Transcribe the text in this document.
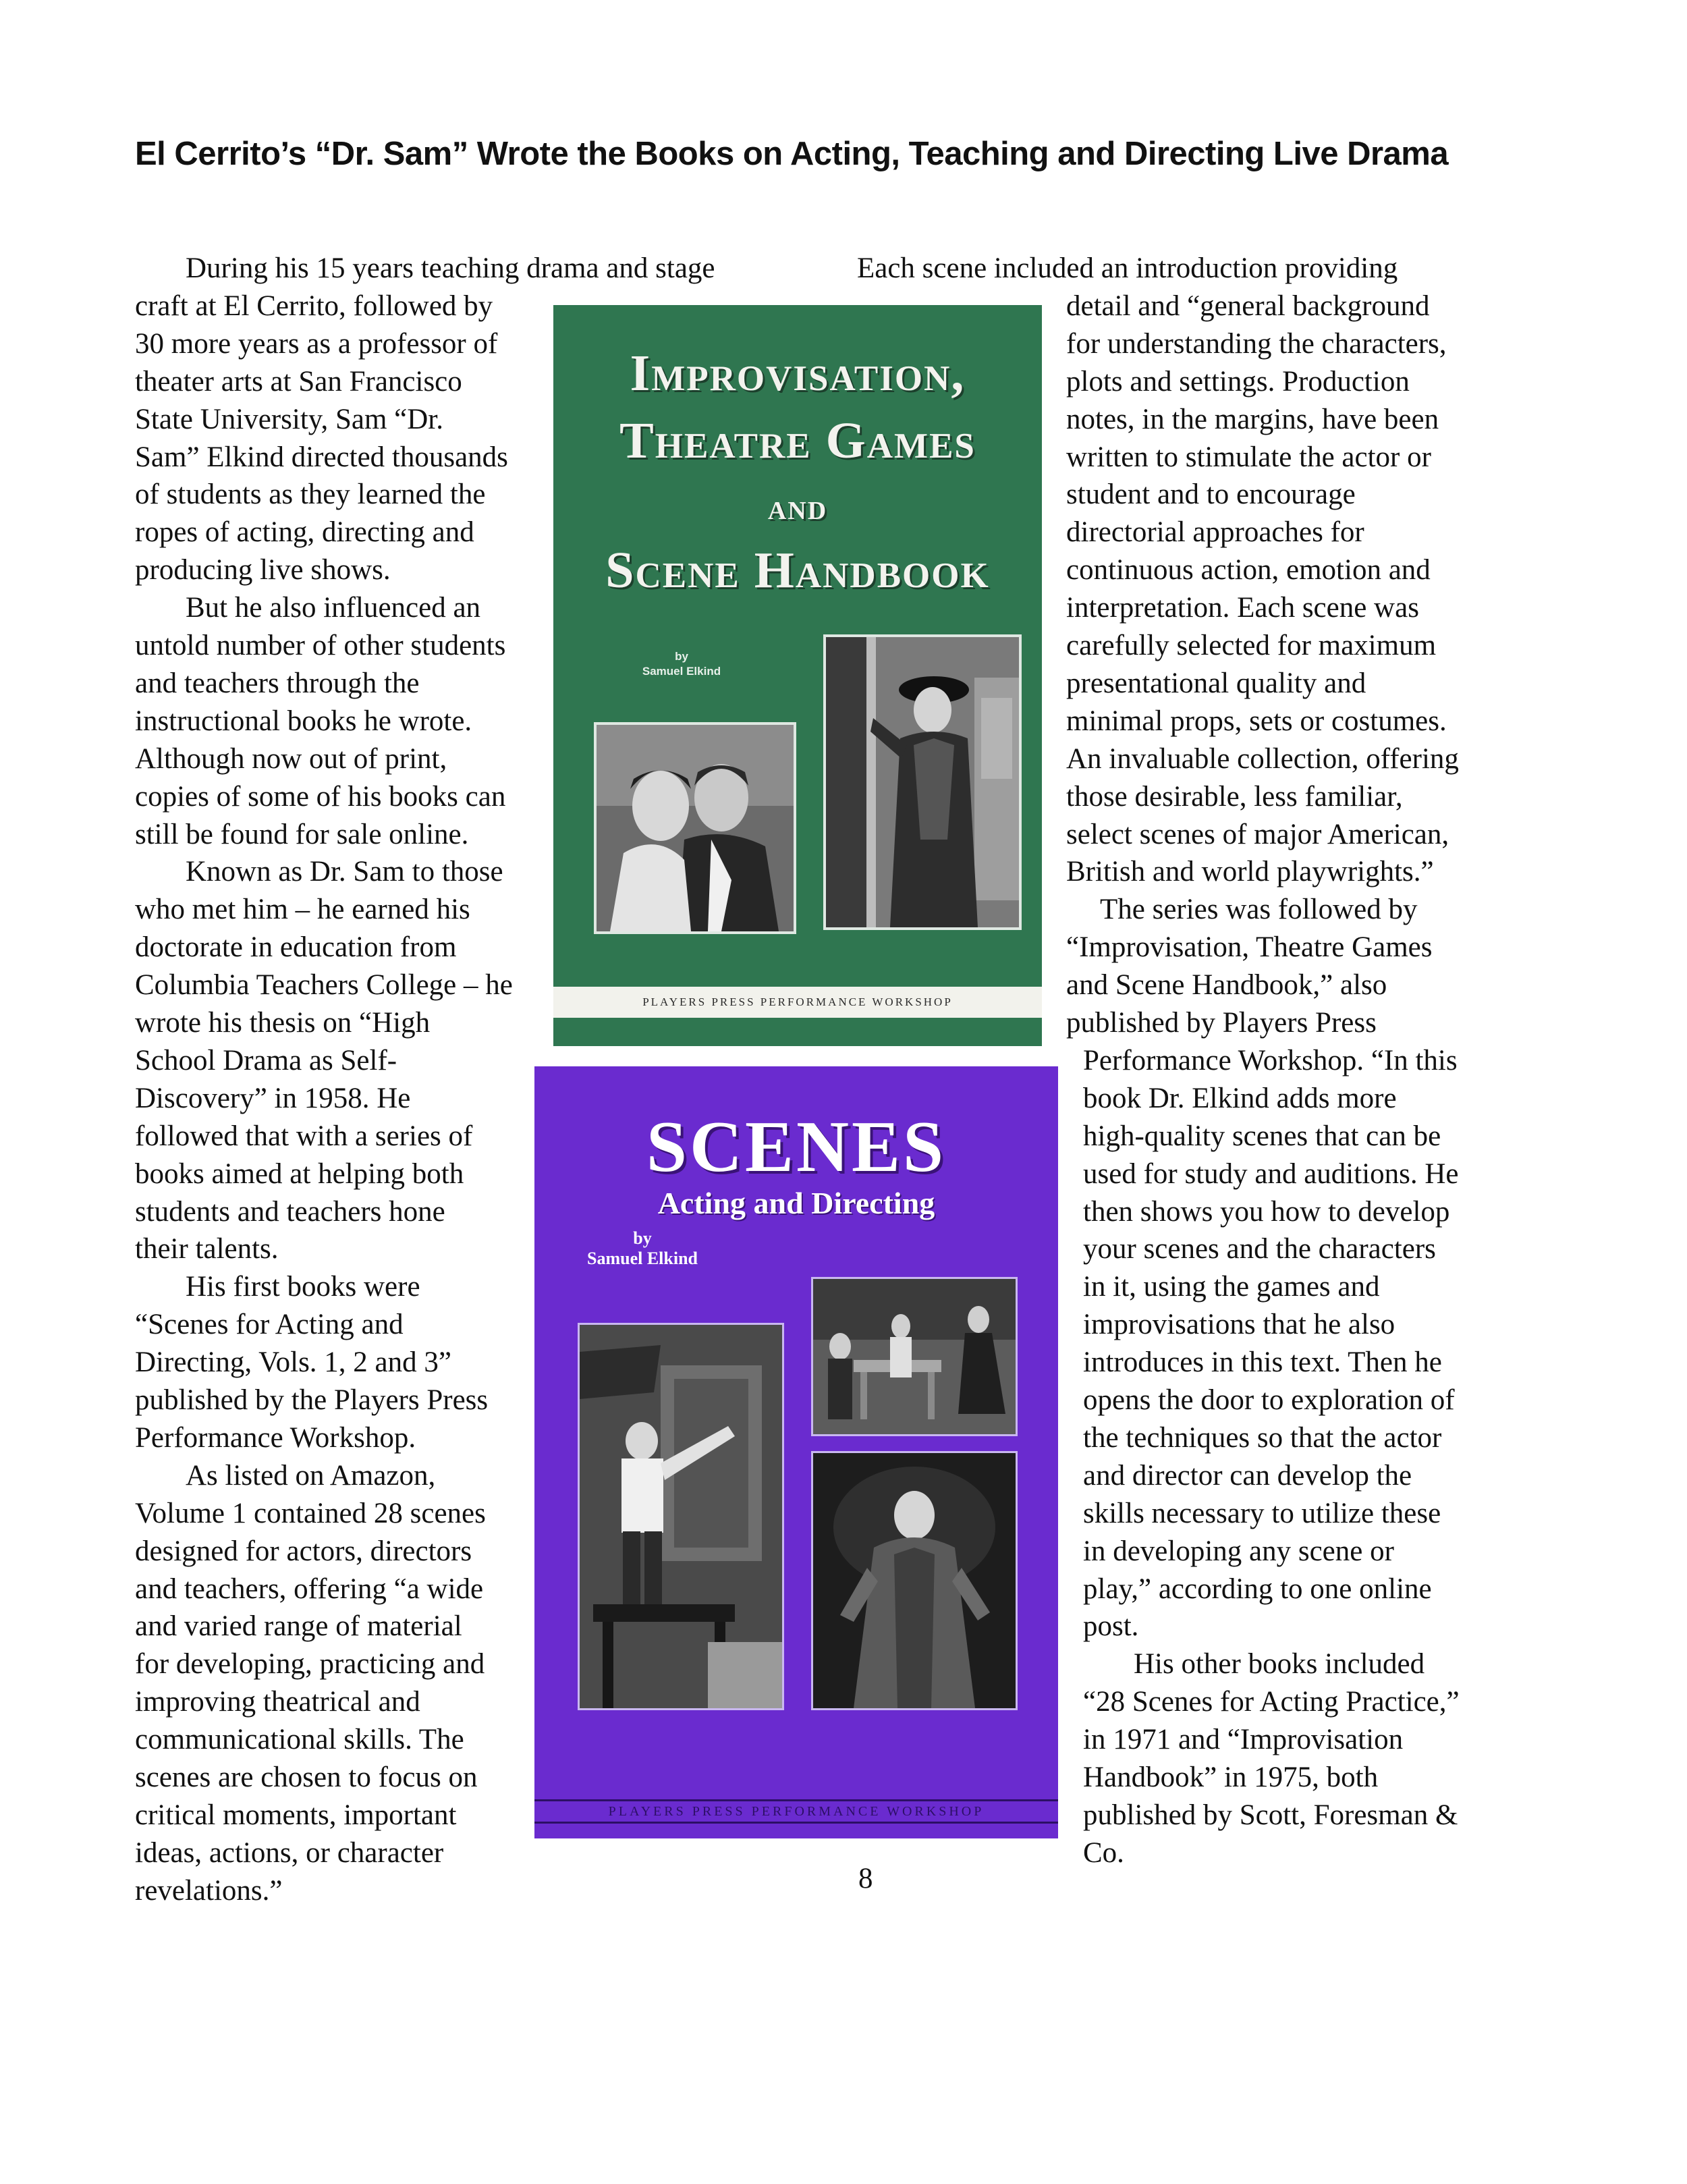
El Cerrito’s “Dr. Sam” Wrote the Books on Acting, Teaching and Directing Live Drama
During his 15 years teaching drama and stage
craft at El Cerrito, followed by
30 more years as a professor of
theater arts at San Francisco
State University, Sam “Dr.
Sam” Elkind directed thousands
of students as they learned the
ropes of acting, directing and
producing live shows.
But he also influenced an
untold number of other students
and teachers through the
instructional books he wrote.
Although now out of print,
copies of some of his books can
still be found for sale online.
Known as Dr. Sam to those
who met him – he earned his
doctorate in education from
Columbia Teachers College – he
wrote his thesis on “High
School Drama as Self-
Discovery” in 1958. He
followed that with a series of
books aimed at helping both
students and teachers hone
their talents.
His first books were
“Scenes for Acting and
Directing, Vols. 1, 2 and 3”
published by the Players Press
Performance Workshop.
As listed on Amazon,
Volume 1 contained 28 scenes
designed for actors, directors
and teachers, offering “a wide
and varied range of material
for developing, practicing and
improving theatrical and
communicational skills. The
scenes are chosen to focus on
critical moments, important
ideas, actions, or character
revelations.”
Each scene included an introduction providing
detail and “general background
for understanding the characters,
plots and settings. Production
notes, in the margins, have been
written to stimulate the actor or
student and to encourage
directorial approaches for
continuous action, emotion and
interpretation. Each scene was
carefully selected for maximum
presentational quality and
minimal props, sets or costumes.
An invaluable collection, offering
those desirable, less familiar,
select scenes of major American,
British and world playwrights.”
The series was followed by
“Improvisation, Theatre Games
and Scene Handbook,” also
published by Players Press
Performance Workshop. “In this
book Dr. Elkind adds more
high-quality scenes that can be
used for study and auditions. He
then shows you how to develop
your scenes and the characters
in it, using the games and
improvisations that he also
introduces in this text. Then he
opens the door to exploration of
the techniques so that the actor
and director can develop the
skills necessary to utilize these
in developing any scene or
play,” according to one online
post.
His other books included
“28 Scenes for Acting Practice,”
in 1971 and “Improvisation
Handbook” in 1975, both
published by Scott, Foresman &
Co.
Improvisation,
Theatre Games
and
Scene Handbook
by
Samuel Elkind
PLAYERS PRESS PERFORMANCE WORKSHOP
SCENES
Acting and Directing
by
Samuel Elkind
PLAYERS PRESS PERFORMANCE WORKSHOP
8
